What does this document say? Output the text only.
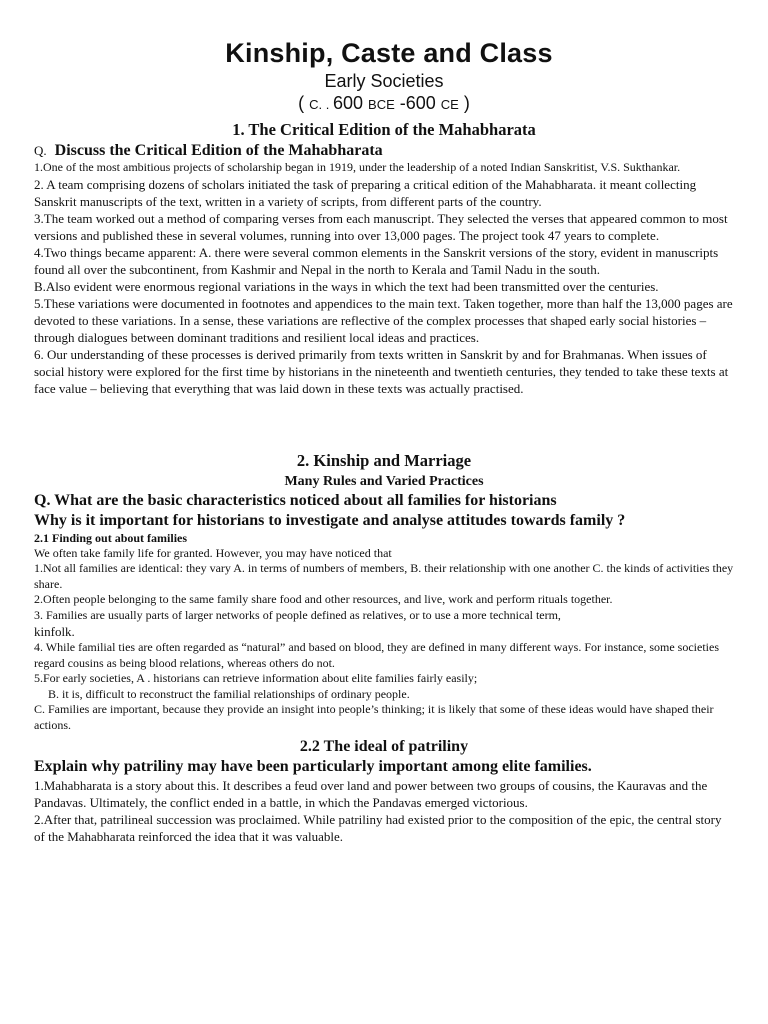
Kinship, Caste and Class
Early Societies
( C. . 600 BCE -600 CE )
1. The Critical Edition of the Mahabharata
Q. Discuss the Critical Edition of the Mahabharata

1.One of the most ambitious projects of scholarship began in 1919, under the leadership of a noted Indian Sanskritist, V.S. Sukthankar.

2. A team comprising dozens of scholars initiated the task of preparing a critical edition of the Mahabharata. it meant collecting Sanskrit manuscripts of the text, written in a variety of scripts, from different parts of the country.

3.The team worked out a method of comparing verses from each manuscript. They selected the verses that appeared common to most versions and published these in several volumes, running into over 13,000 pages. The project took 47 years to complete.

4.Two things became apparent: A. there were several common elements in the Sanskrit versions of the story, evident in manuscripts found all over the subcontinent, from Kashmir and Nepal in the north to Kerala and Tamil Nadu in the south.

B.Also evident were enormous regional variations in the ways in which the text had been transmitted over the centuries.

5.These variations were documented in footnotes and appendices to the main text. Taken together, more than half the 13,000 pages are devoted to these variations. In a sense, these variations are reflective of the complex processes that shaped early social histories – through dialogues between dominant traditions and resilient local ideas and practices.

6. Our understanding of these processes is derived primarily from texts written in Sanskrit by and for Brahmanas. When issues of social history were explored for the first time by historians in the nineteenth and twentieth centuries, they tended to take these texts at face value – believing that everything that was laid down in these texts was actually practised.

2. Kinship and Marriage
Many Rules and Varied Practices
Q. What are the basic characteristics noticed about all families for historians
Why is it important for historians to investigate and analyse attitudes towards family ?
2.1 Finding out about families

We often take family life for granted. However, you may have noticed that

1.Not all families are identical: they vary A. in terms of numbers of members, B. their relationship with one another C. the kinds of activities they share.

2.Often people belonging to the same family share food and other resources, and live, work and perform rituals together.

3. Families are usually parts of larger networks of people defined as relatives, or to use a more technical term,

kinfolk.

4. While familial ties are often regarded as “natural” and based on blood, they are defined in many different ways. For instance, some societies regard cousins as being blood relations, whereas others do not.

5.For early societies, A . historians can retrieve information about elite families fairly easily;

B. it is, difficult to reconstruct the familial relationships of ordinary people.

C. Families are important, because they provide an insight into people’s thinking; it is likely that some of these ideas would have shaped their actions.

2.2 The ideal of patriliny
Explain why patriliny may have been particularly important among elite families.

1.Mahabharata is a story about this. It describes a feud over land and power between two groups of cousins, the Kauravas and the Pandavas. Ultimately, the conflict ended in a battle, in which the Pandavas emerged victorious.

2.After that, patrilineal succession was proclaimed. While patriliny had existed prior to the composition of the epic, the central story of the Mahabharata reinforced the idea that it was valuable.
